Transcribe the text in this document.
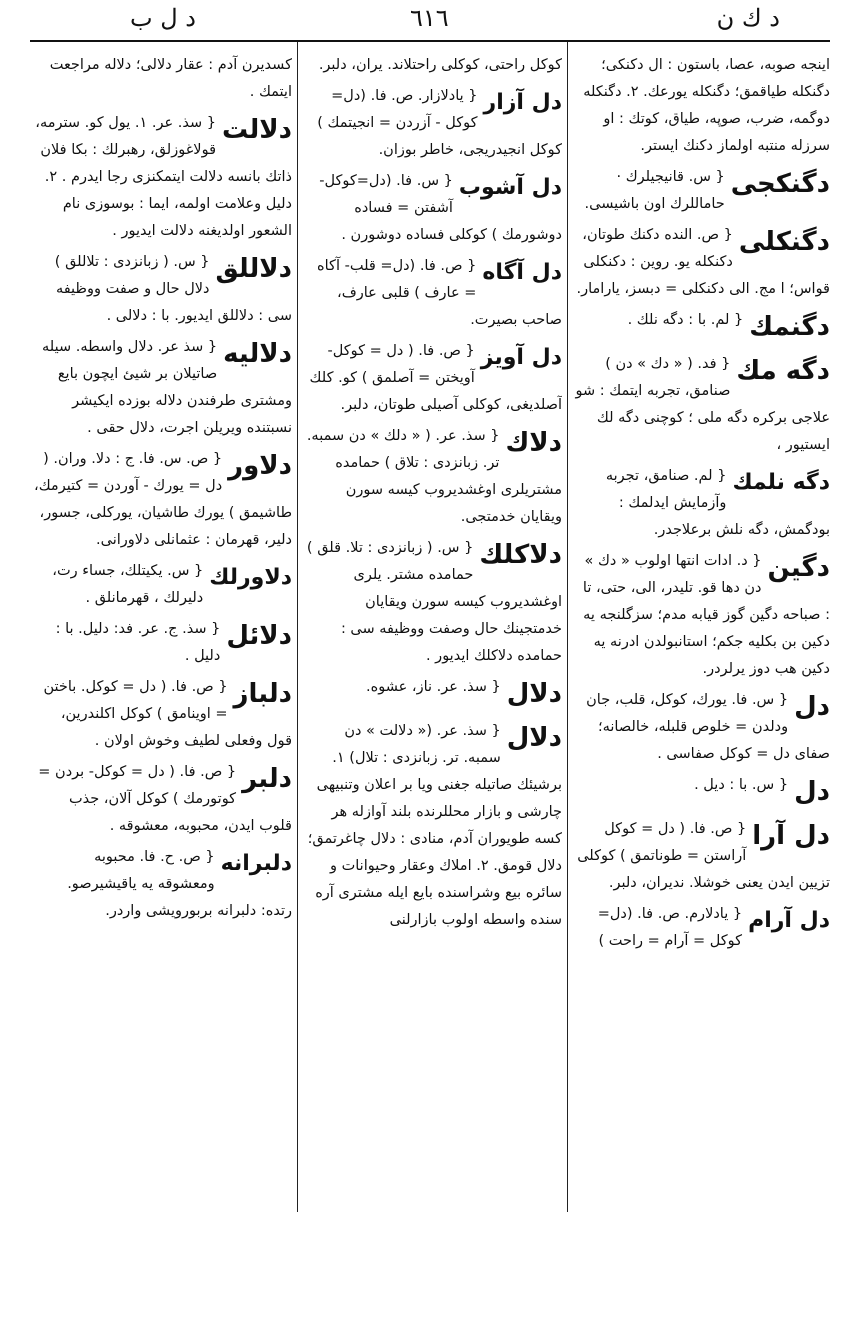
د ل ب	٦١٦	د ك ن
اينجه صوبه، عصا، باستون : ال دكنكى؛ دگنكله طياقمق؛ دگنكله يورعك. ٢. دگنكله دوگمه، ضرب، صوپه، طياق، كوتك : او سرزله منتبه اولماز دكنك ايستر.
دگنكجى
{ س. قانيجيلرك · حاماللرك اون باشيسى.
دگنكلى
{ ص. النده دكنك طوتان، دكنكله يو. روين : دكنكلى قواس؛ ا مج. الى دكنكلى = دبسز، يارامار.
دگنمك
{ لم. با : دگه نلك .
دگه مك
{ فد. ( « دك » دن ) صنامق، تجربه ايتمك : شو علاجى بركره دگه ملى ؛ كوچنى دگه لك ايستيور ،
دگه نلمك
{ لم. صنامق، تجربه وآزمايش ايدلمك : بودگمش، دگه نلش برعلاجدر.
دگين
{ د. ادات انتها اولوب « دك » دن دها قو. تليدر، الى، حتى، تا : صباحه دگين گوز قيابه مدم؛ سزگلنجه يه دكين بن بكليه جكم؛ استانبولدن ادرنه يه دكين هب دوز يرلردر.
دل
{ س. فا. يورك، كوكل، قلب، جان ودلدن = خلوص قلبله، خالصانه؛ صفاى دل = كوكل صفاسى .
دل
{ س. با : ديل .
دل آرا
{ ص. فا. ( دل = كوكل آراستن = طوناتمق ) كوكلى تزيين ايدن يعنى خوشلا. نديران، دلبر.
دل آرام
{ يادلارم. ص. فا. (دل= كوكل = آرام = راحت )
كوكل راحتى، كوكلى راحتلاند. يران، دلبر.
دل آزار
{ يادلازار. ص. فا. (دل= كوكل - آزردن = انجيتمك ) كوكل انجيدريجى، خاطر بوزان.
دل آشوب
{ س. فا. (دل=كوكل- آشفتن = فساده دوشورمك ) كوكلى فساده دوشورن .
دل آگاه
{ ص. فا. (دل= قلب- آكاه = عارف ) قلبى عارف، صاحب بصيرت.
دل آويز
{ ص. فا. ( دل = كوكل- آويختن = آصلمق ) كو. كلك آصلديغى، كوكلى آصيلى طوتان، دلبر.
دلاك
{ سذ. عر. ( « دلك » دن سمبه. تر. زبانزدى : تلاق ) حمامده مشتريلرى اوغشديروب كيسه سورن ويقايان خدمتجى.
دلاكلك
{ س. ( زبانزدى : تلا. قلق ) حمامده مشتر. يلرى اوغشديروب كيسه سورن ويقايان خدمتجينك حال وصفت ووظيفه سى : حمامده دلاكلك ايديور .
دلال
{ سذ. عر. ناز، عشوه.
دلال
{ سذ. عر. (« دلالت » دن سمبه. تر. زبانزدى : تلال) ١. برشيئك صاتيله جغنى ويا بر اعلان وتنبيهى چارشى و بازار محللرنده بلند آوازله هر كسه طويوران آدم، منادى : دلال چاغرتمق؛ دلال قومق. ٢. املاك وعقار وحيوانات و سائره بيع وشراسنده بايع ايله مشترى آره سنده واسطه اولوب بازارلنى
كسديرن آدم : عقار دلالى؛ دلاله مراجعت ايتمك .
دلالت
{ سذ. عر. ١. يول كو. سترمه، قولاغوزلق، رهبرلك : بكا فلان ذاتك بانسه دلالت ايتمكنزى رجا ايدرم . ٢. دليل وعلامت اولمه، ايما : بوسوزى نام الشعور اولديغنه دلالت ايديور .
دلاللق
{ س. ( زبانزدى : تلاللق ) دلال حال و صفت ووظيفه سى : دلاللق ايديور. با : دلالى .
دلاليه
{ سذ عر. دلال واسطه. سيله صاتيلان بر شيئ ايچون بايع ومشترى طرفندن دلاله بوزده ايكيشر نسبتنده ويريلن اجرت، دلال حقى .
دلاور
{ ص. س. فا. ج : دلا. وران. ( دل = يورك - آوردن = كتيرمك، طاشيمق ) يورك طاشيان، يوركلى، جسور، دلير، قهرمان : عثمانلى دلاورانى.
دلاورلك
{ س. يكيتلك، جساء رت، دليرلك ، قهرمانلق .
دلائل
{ سذ. ج. عر. فد: دليل. با : دليل .
دلباز
{ ص. فا. ( دل = كوكل. باختن = اوينامق ) كوكل اكلندرين، قول وفعلى لطيف وخوش اولان .
دلبر
{ ص. فا. ( دل = كوكل- بردن = كوتورمك ) كوكل آلان، جذب قلوب ايدن، محبوبه، معشوقه .
دلبرانه
{ ص. ح. فا. محبوبه ومعشوقه يه ياقيشيرصو. رتده: دلبرانه بربورويشى واردر.
